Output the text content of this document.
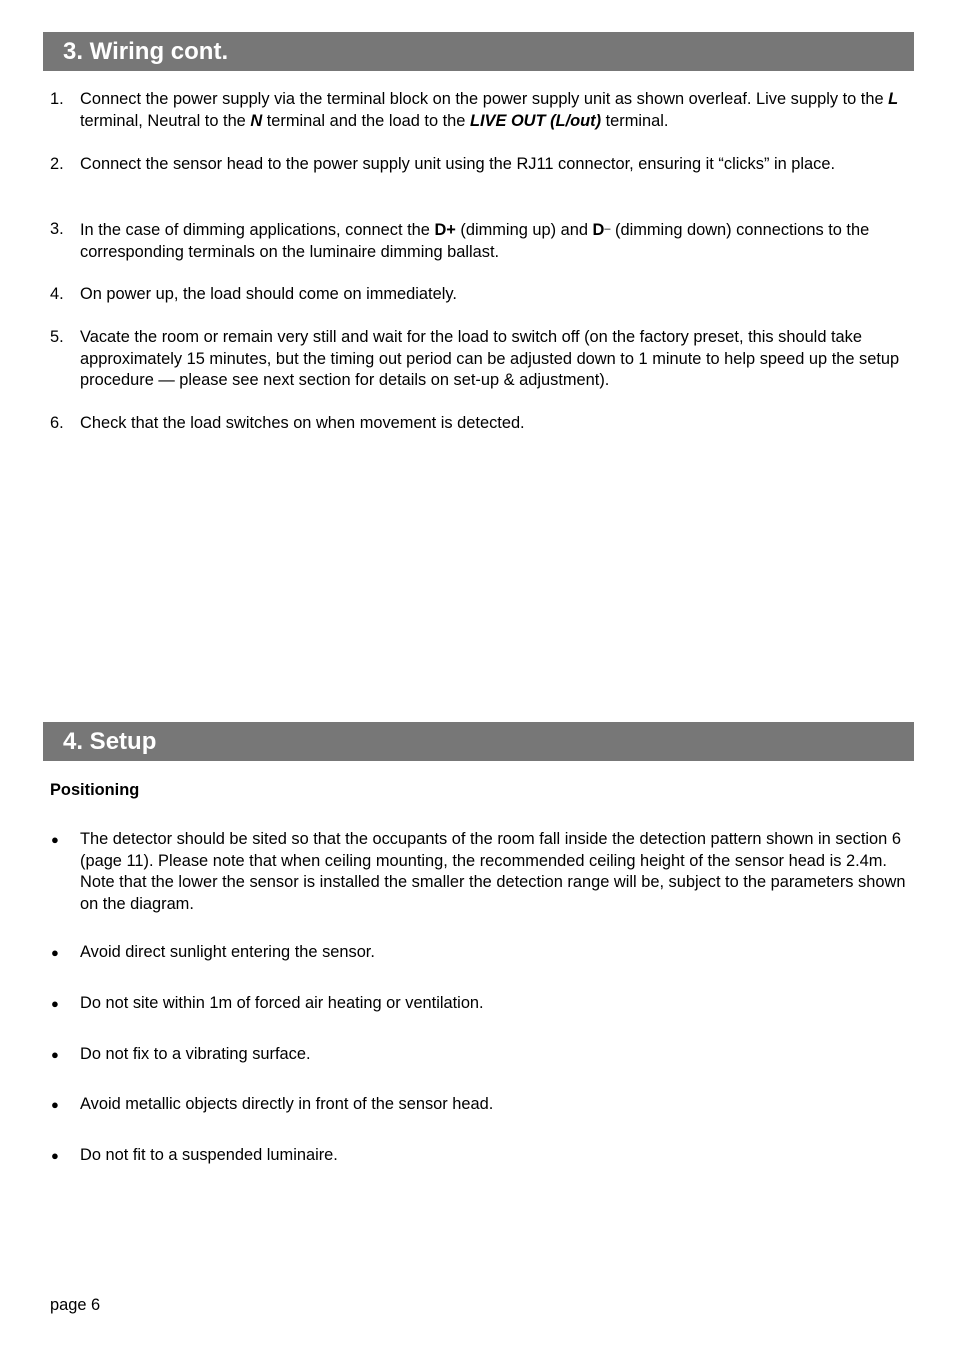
3. Wiring cont.
1. Connect the power supply via the terminal block on the power supply unit as shown overleaf. Live supply to the L terminal, Neutral to the N terminal and the load to the LIVE OUT (L/out) terminal.
2. Connect the sensor head to the power supply unit using the RJ11 connector, ensuring it “clicks” in place.
3. In the case of dimming applications, connect the D+ (dimming up) and D– (dimming down) connections to the corresponding terminals on the luminaire dimming ballast.
4. On power up, the load should come on immediately.
5. Vacate the room or remain very still and wait for the load to switch off (on the factory preset, this should take approximately 15 minutes, but the timing out period can be adjusted down to 1 minute to help speed up the setup procedure — please see next section for details on set-up & adjustment).
6. Check that the load switches on when movement is detected.
4. Setup
Positioning
●	The detector should be sited so that the occupants of the room fall inside the detection pattern shown in section 6 (page 11). Please note that when ceiling mounting, the recommended ceiling height of the sensor head is 2.4m. Note that the lower the sensor is installed the smaller the detection range will be, subject to the parameters shown on the diagram.
●	Avoid direct sunlight entering the sensor.
●	Do not site within 1m of forced air heating or ventilation.
●	Do not fix to a vibrating surface.
●	Avoid metallic objects directly in front of the sensor head.
●	Do not fit to a suspended luminaire.
page 6
